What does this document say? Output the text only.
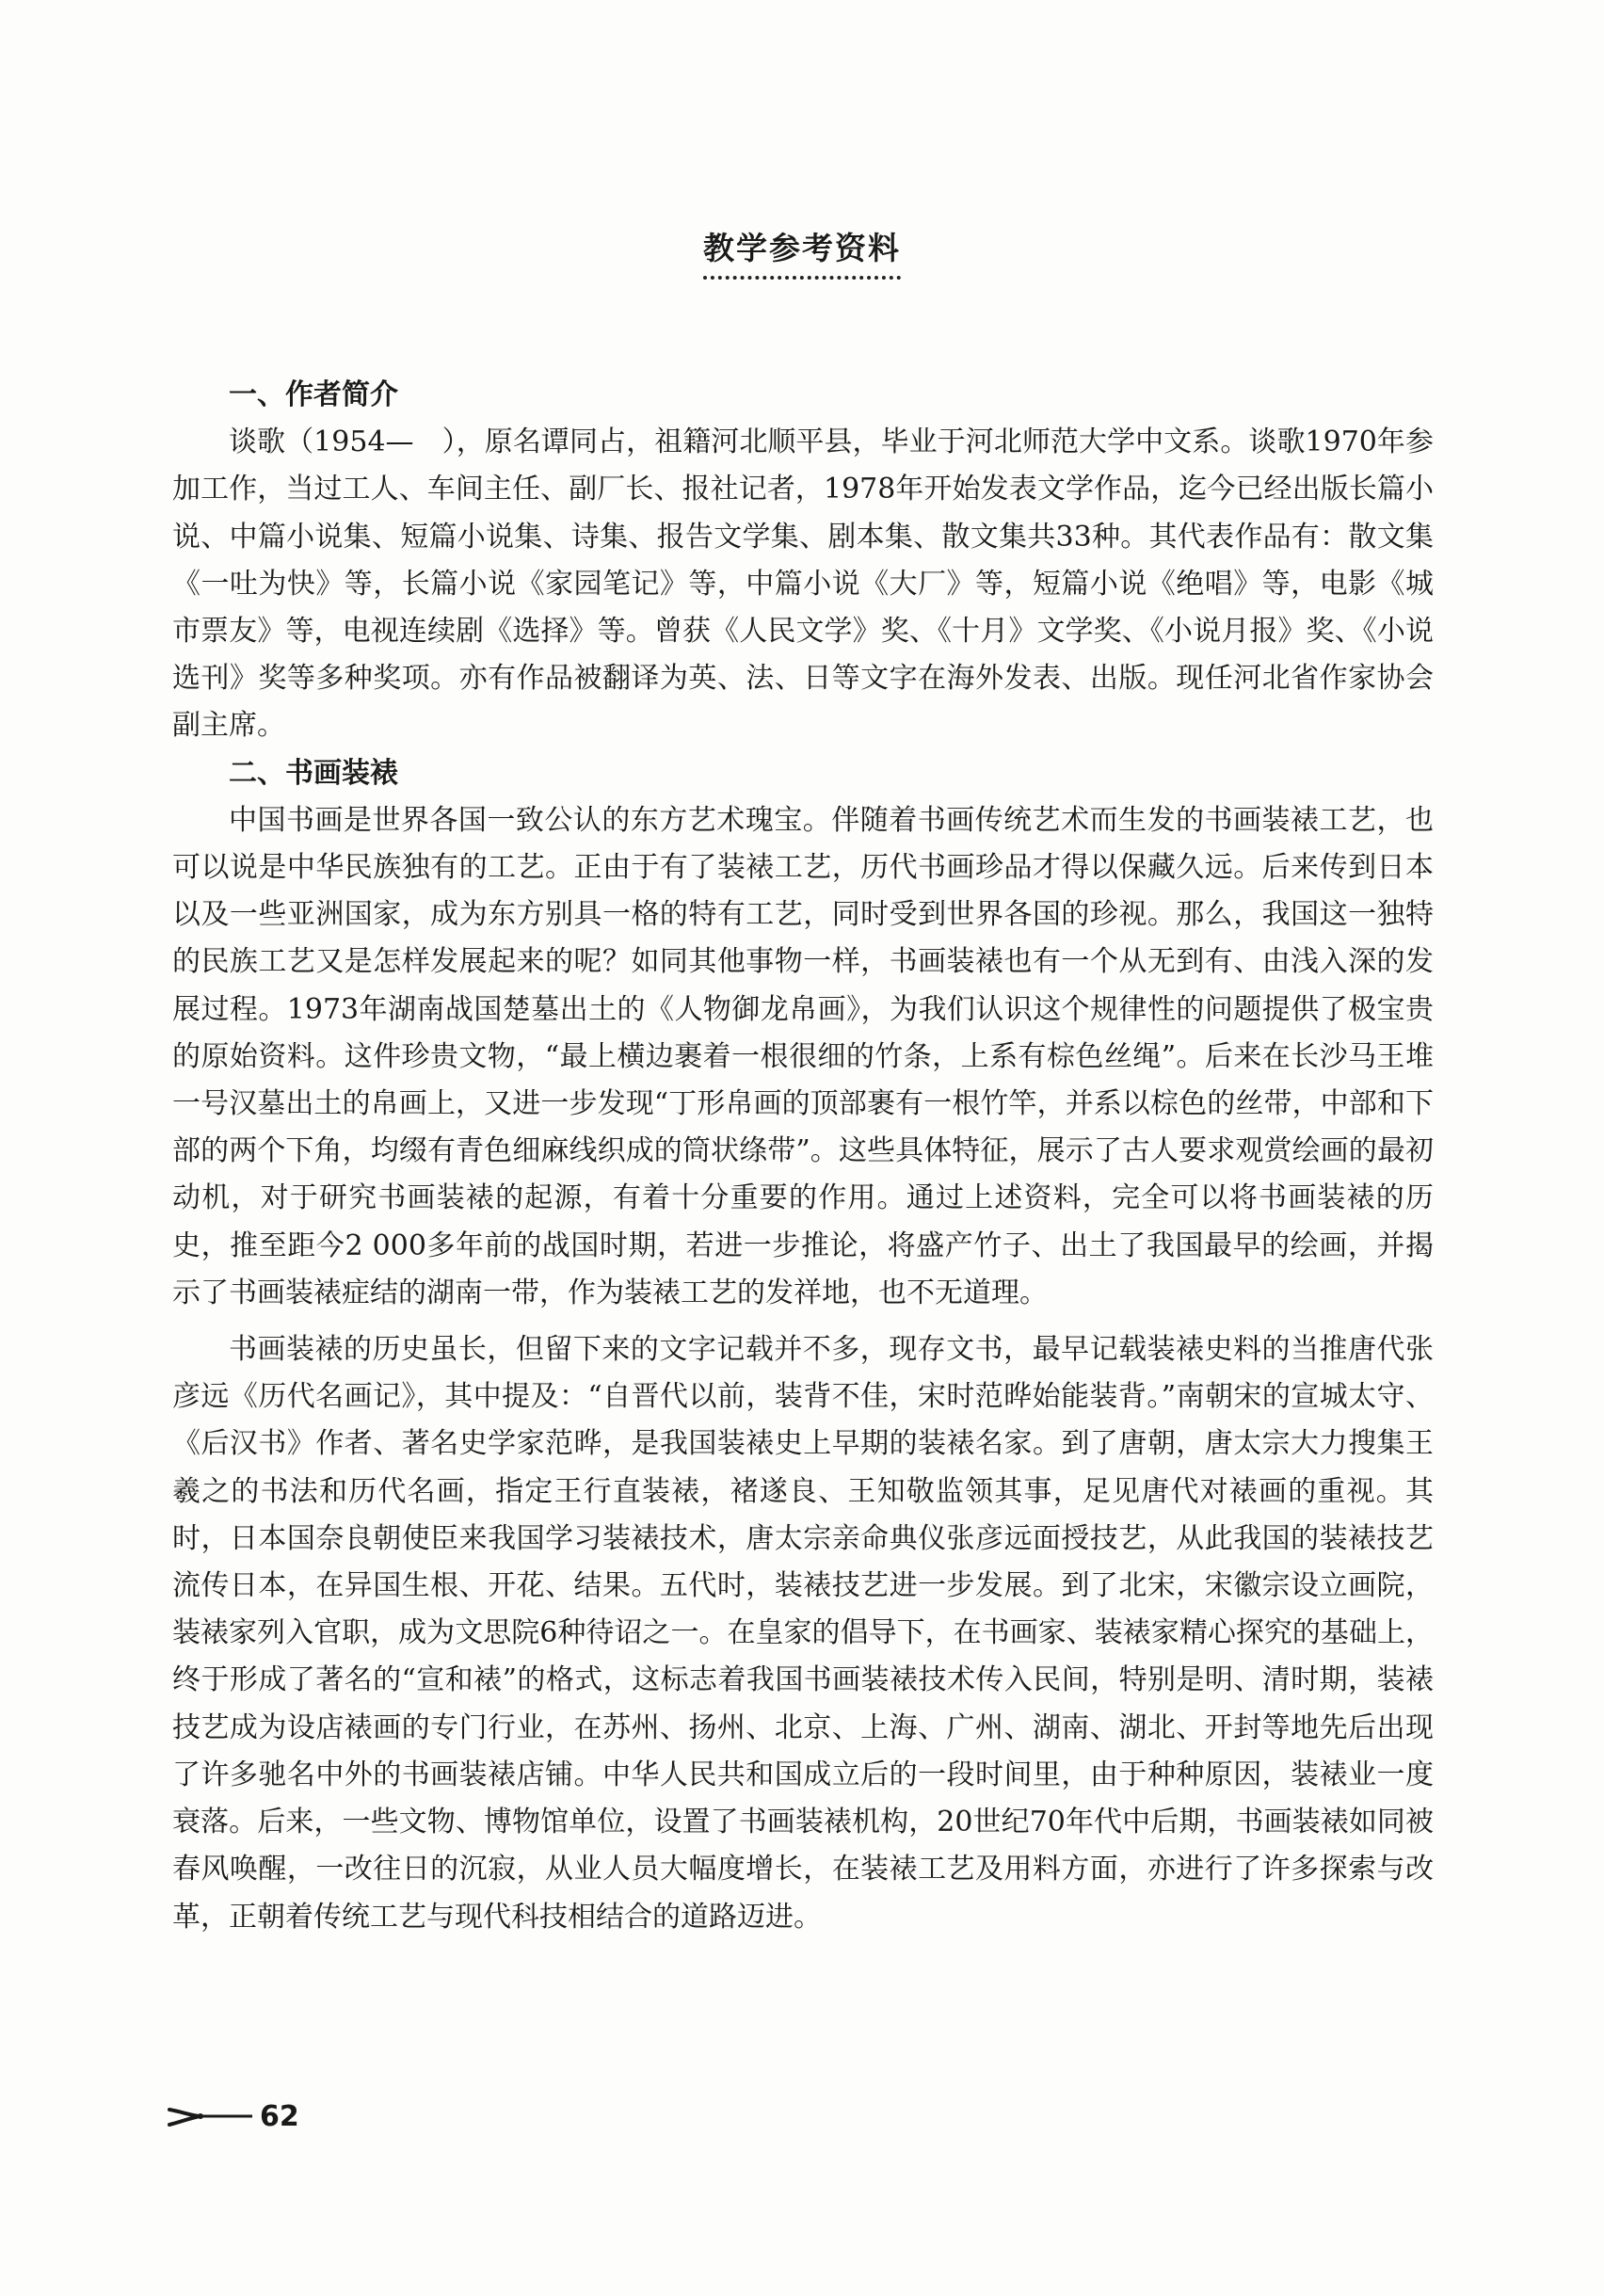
教学参考资料
一、作者简介

谈歌（1954—　），原名谭同占，祖籍河北顺平县，毕业于河北师范大学中文系。谈歌1970年参加工作，当过工人、车间主任、副厂长、报社记者，1978年开始发表文学作品，迄今已经出版长篇小说、中篇小说集、短篇小说集、诗集、报告文学集、剧本集、散文集共33种。其代表作品有：散文集《一吐为快》等，长篇小说《家园笔记》等，中篇小说《大厂》等，短篇小说《绝唱》等，电影《城市票友》等，电视连续剧《选择》等。曾获《人民文学》奖、《十月》文学奖、《小说月报》奖、《小说选刊》奖等多种奖项。亦有作品被翻译为英、法、日等文字在海外发表、出版。现任河北省作家协会副主席。

二、书画装裱

中国书画是世界各国一致公认的东方艺术瑰宝。伴随着书画传统艺术而生发的书画装裱工艺，也可以说是中华民族独有的工艺。正由于有了装裱工艺，历代书画珍品才得以保藏久远。后来传到日本以及一些亚洲国家，成为东方别具一格的特有工艺，同时受到世界各国的珍视。那么，我国这一独特的民族工艺又是怎样发展起来的呢？如同其他事物一样，书画装裱也有一个从无到有、由浅入深的发展过程。1973年湖南战国楚墓出土的《人物御龙帛画》，为我们认识这个规律性的问题提供了极宝贵的原始资料。这件珍贵文物，“最上横边裹着一根很细的竹条，上系有棕色丝绳”。后来在长沙马王堆一号汉墓出土的帛画上，又进一步发现“丁形帛画的顶部裹有一根竹竿，并系以棕色的丝带，中部和下部的两个下角，均缀有青色细麻线织成的筒状绦带”。这些具体特征，展示了古人要求观赏绘画的最初动机，对于研究书画装裱的起源，有着十分重要的作用。通过上述资料，完全可以将书画装裱的历史，推至距今2 000多年前的战国时期，若进一步推论，将盛产竹子、出土了我国最早的绘画，并揭示了书画装裱症结的湖南一带，作为装裱工艺的发祥地，也不无道理。

书画装裱的历史虽长，但留下来的文字记载并不多，现存文书，最早记载装裱史料的当推唐代张彦远《历代名画记》，其中提及：“自晋代以前，装背不佳，宋时范晔始能装背。”南朝宋的宣城太守、《后汉书》作者、著名史学家范晔，是我国装裱史上早期的装裱名家。到了唐朝，唐太宗大力搜集王羲之的书法和历代名画，指定王行直装裱，褚遂良、王知敬监领其事，足见唐代对裱画的重视。其时，日本国奈良朝使臣来我国学习装裱技术，唐太宗亲命典仪张彦远面授技艺，从此我国的装裱技艺流传日本，在异国生根、开花、结果。五代时，装裱技艺进一步发展。到了北宋，宋徽宗设立画院，装裱家列入官职，成为文思院6种待诏之一。在皇家的倡导下，在书画家、装裱家精心探究的基础上，终于形成了著名的“宣和裱”的格式，这标志着我国书画装裱技术传入民间，特别是明、清时期，装裱技艺成为设店裱画的专门行业，在苏州、扬州、北京、上海、广州、湖南、湖北、开封等地先后出现了许多驰名中外的书画装裱店铺。中华人民共和国成立后的一段时间里，由于种种原因，装裱业一度衰落。后来，一些文物、博物馆单位，设置了书画装裱机构，20世纪70年代中后期，书画装裱如同被春风唤醒，一改往日的沉寂，从业人员大幅度增长，在装裱工艺及用料方面，亦进行了许多探索与改革，正朝着传统工艺与现代科技相结合的道路迈进。

62
